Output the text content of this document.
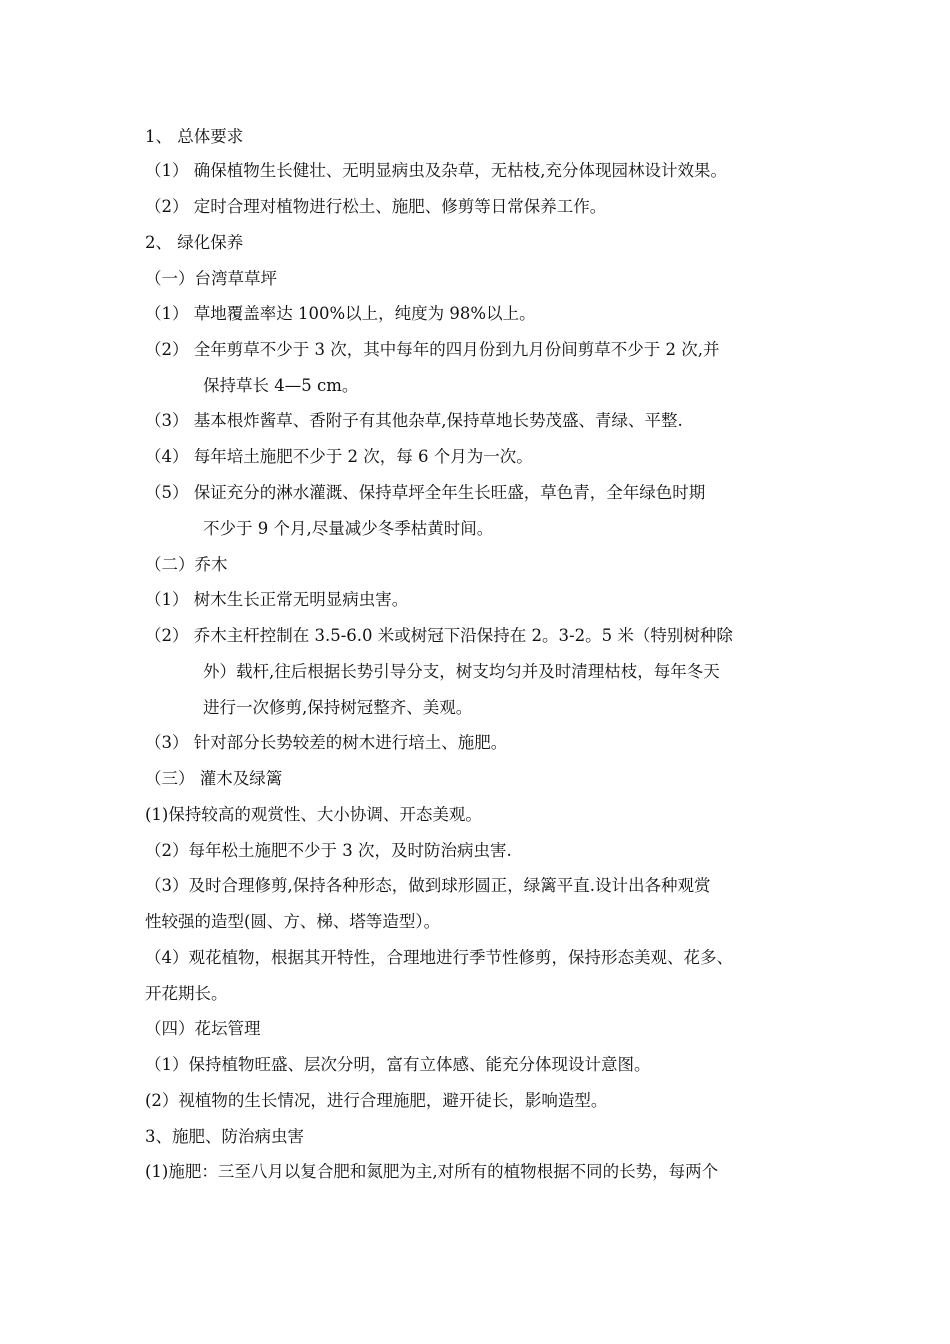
1、 总体要求
（1） 确保植物生长健壮、无明显病虫及杂草，无枯枝,充分体现园林设计效果。
（2） 定时合理对植物进行松土、施肥、修剪等日常保养工作。
2、 绿化保养
（一）台湾草草坪
（1） 草地覆盖率达 100%以上，纯度为 98%以上。
（2） 全年剪草不少于 3 次，其中每年的四月份到九月份间剪草不少于 2 次,并
保持草长 4—5 cm。
（3） 基本根炸酱草、香附子有其他杂草,保持草地长势茂盛、青绿、平整.
（4） 每年培土施肥不少于 2 次，每 6 个月为一次。
（5） 保证充分的淋水灌溉、保持草坪全年生长旺盛，草色青，全年绿色时期
不少于 9 个月,尽量减少冬季枯黄时间。
（二）乔木
（1） 树木生长正常无明显病虫害。
（2） 乔木主杆控制在 3.5-6.0 米或树冠下沿保持在 2。3-2。5 米（特别树种除
外）载杆,往后根据长势引导分支，树支均匀并及时清理枯枝，每年冬天
进行一次修剪,保持树冠整齐、美观。
（3） 针对部分长势较差的树木进行培土、施肥。
（三） 灌木及绿篱
(1)保持较高的观赏性、大小协调、开态美观。
（2）每年松土施肥不少于 3 次，及时防治病虫害.
（3）及时合理修剪,保持各种形态，做到球形圆正，绿篱平直.设计出各种观赏
性较强的造型(圆、方、梯、塔等造型）。
（4）观花植物，根据其开特性，合理地进行季节性修剪，保持形态美观、花多、
开花期长。
（四）花坛管理
（1）保持植物旺盛、层次分明，富有立体感、能充分体现设计意图。
(2）视植物的生长情况，进行合理施肥，避开徒长，影响造型。
3、施肥、防治病虫害
(1)施肥：三至八月以复合肥和氮肥为主,对所有的植物根据不同的长势，每两个
